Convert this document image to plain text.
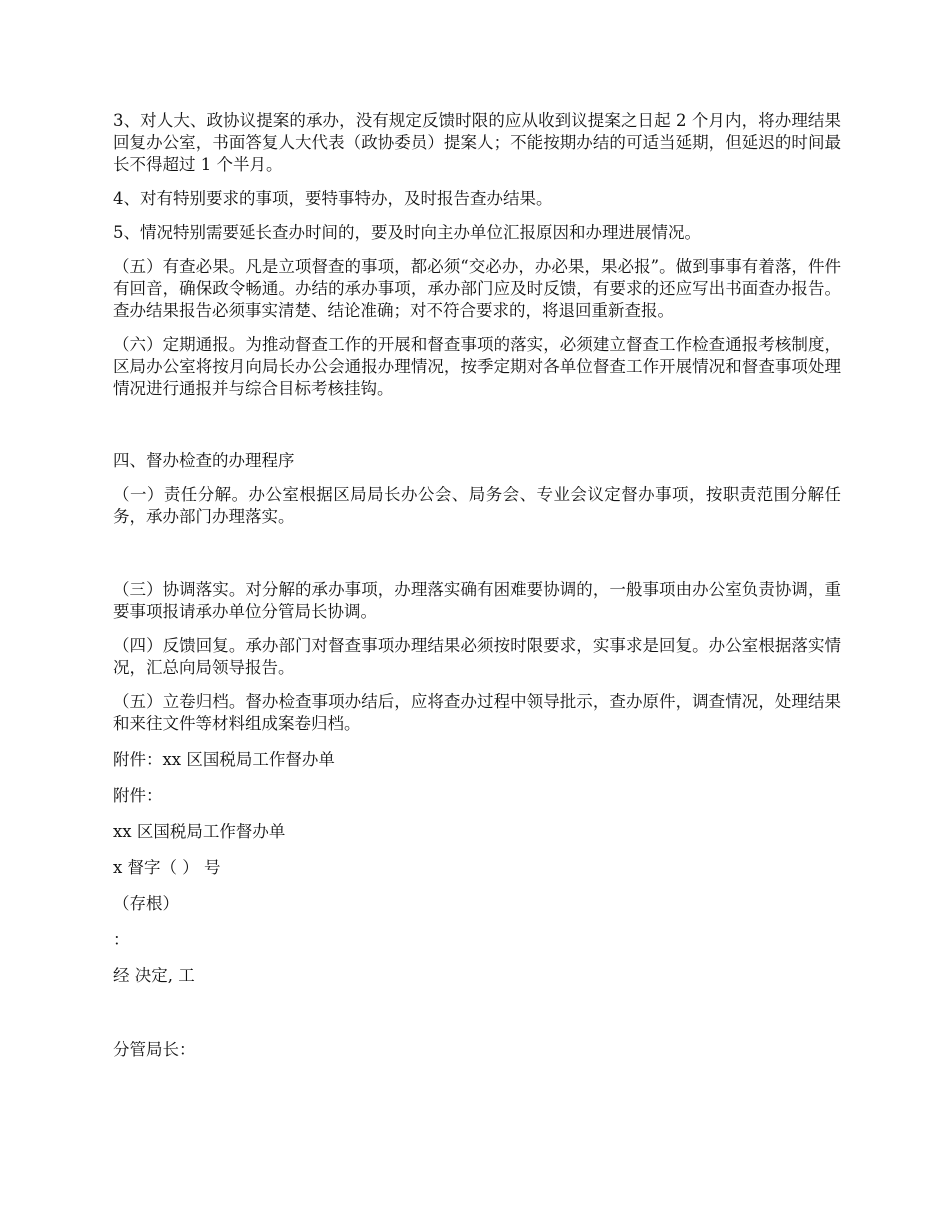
3、对人大、政协议提案的承办，没有规定反馈时限的应从收到议提案之日起 2 个月内，将办理结果回复办公室，书面答复人大代表（政协委员）提案人；不能按期办结的可适当延期，但延迟的时间最长不得超过 1 个半月。

4、对有特别要求的事项，要特事特办，及时报告查办结果。

5、情况特别需要延长查办时间的，要及时向主办单位汇报原因和办理进展情况。

（五）有查必果。凡是立项督查的事项，都必须“交必办，办必果，果必报”。做到事事有着落，件件有回音，确保政令畅通。办结的承办事项，承办部门应及时反馈，有要求的还应写出书面查办报告。查办结果报告必须事实清楚、结论准确；对不符合要求的，将退回重新查报。

（六）定期通报。为推动督查工作的开展和督查事项的落实，必须建立督查工作检查通报考核制度，区局办公室将按月向局长办公会通报办理情况，按季定期对各单位督查工作开展情况和督查事项处理情况进行通报并与综合目标考核挂钩。

四、督办检查的办理程序

（一）责任分解。办公室根据区局局长办公会、局务会、专业会议定督办事项，按职责范围分解任务，承办部门办理落实。

（三）协调落实。对分解的承办事项，办理落实确有困难要协调的，一般事项由办公室负责协调，重要事项报请承办单位分管局长协调。

（四）反馈回复。承办部门对督查事项办理结果必须按时限要求，实事求是回复。办公室根据落实情况，汇总向局领导报告。

（五）立卷归档。督办检查事项办结后，应将查办过程中领导批示，查办原件，调查情况，处理结果和来往文件等材料组成案卷归档。

附件：xx 区国税局工作督办单

附件：

xx 区国税局工作督办单

x 督字（ ） 号

（存根）

：

经 决定, 工

分管局长：
